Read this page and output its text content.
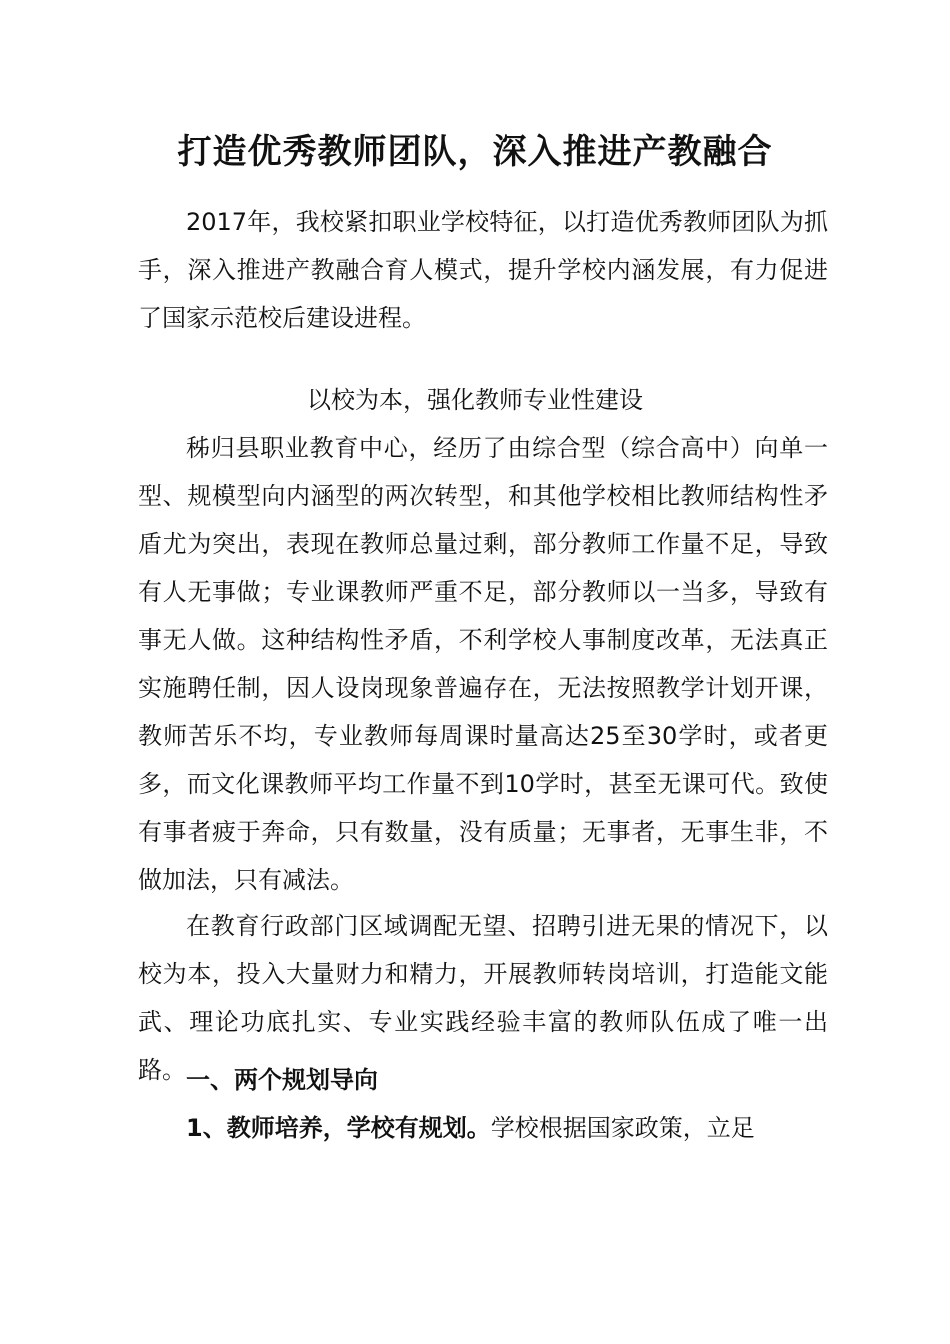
打造优秀教师团队，深入推进产教融合

2017年，我校紧扣职业学校特征，以打造优秀教师团队为抓手，深入推进产教融合育人模式，提升学校内涵发展，有力促进了国家示范校后建设进程。

以校为本，强化教师专业性建设

秭归县职业教育中心，经历了由综合型（综合高中）向单一型、规模型向内涵型的两次转型，和其他学校相比教师结构性矛盾尤为突出，表现在教师总量过剩，部分教师工作量不足，导致有人无事做；专业课教师严重不足，部分教师以一当多，导致有事无人做。这种结构性矛盾，不利学校人事制度改革，无法真正实施聘任制，因人设岗现象普遍存在，无法按照教学计划开课，教师苦乐不均，专业教师每周课时量高达25至30学时，或者更多，而文化课教师平均工作量不到10学时，甚至无课可代。致使有事者疲于奔命，只有数量，没有质量；无事者，无事生非，不做加法，只有减法。

在教育行政部门区域调配无望、招聘引进无果的情况下，以校为本，投入大量财力和精力，开展教师转岗培训，打造能文能武、理论功底扎实、专业实践经验丰富的教师队伍成了唯一出路。 一、两个规划导向

1、教师培养，学校有规划。学校根据国家政策，立足
